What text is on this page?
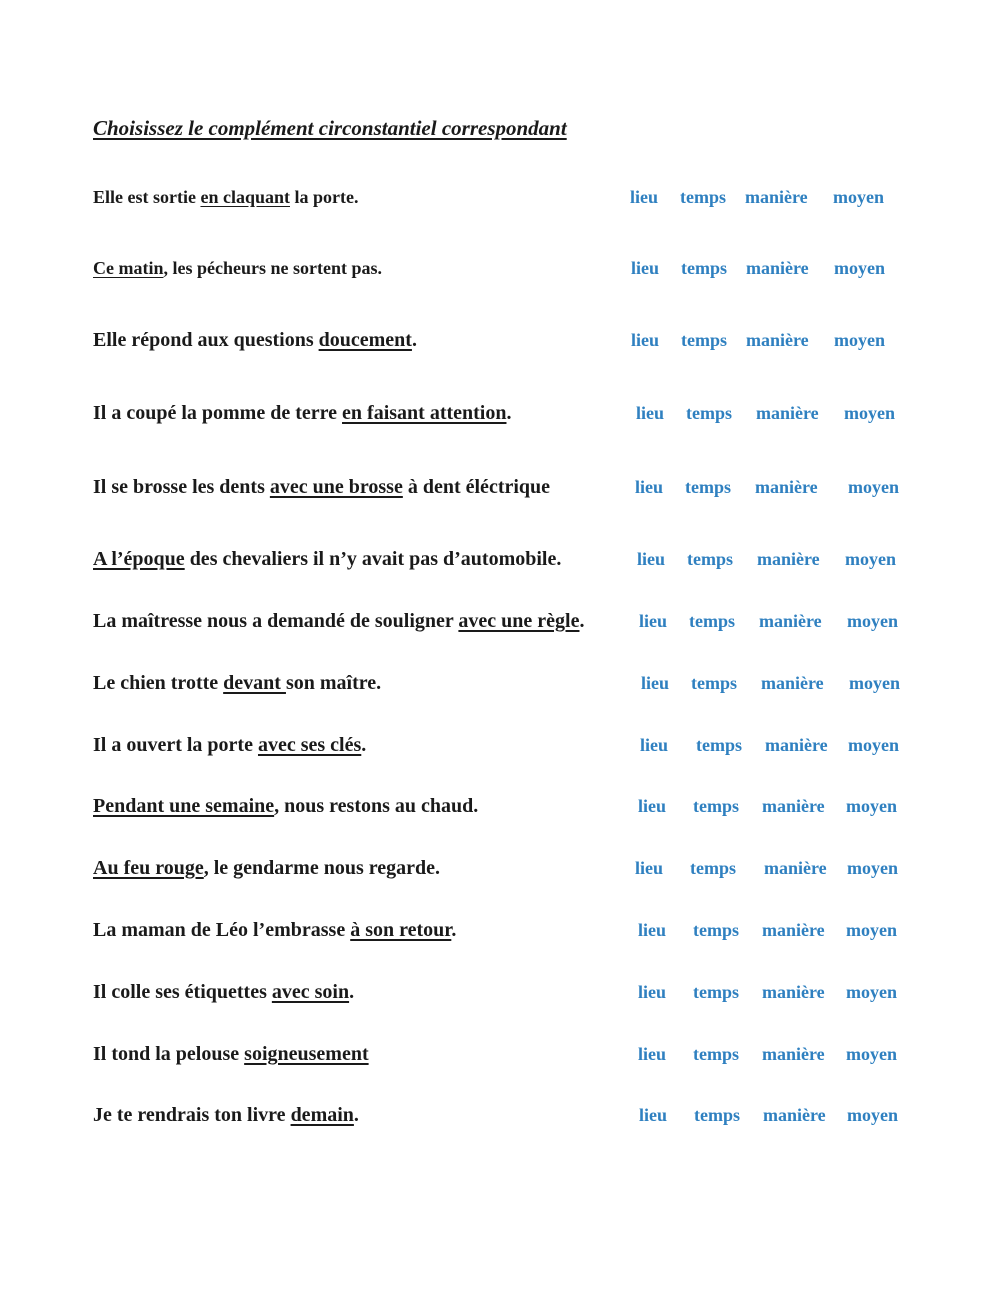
Choisissez le complément circonstantiel correspondant
Elle est sortie en claquant la porte.	lieu temps manière moyen
Ce matin, les pécheurs ne sortent pas.	lieu temps manière moyen
Elle répond aux questions doucement.	lieu temps manière moyen
Il a coupé la pomme de terre en faisant attention.	lieu temps manière moyen
Il se brosse les dents avec une brosse à dent éléctrique	lieu temps manière moyen
A l’époque des chevaliers il n’y avait pas d’automobile.	lieu temps manière moyen
La maîtresse nous a demandé de souligner avec une règle.	lieu temps manière moyen
Le chien trotte devant son maître.	lieu temps manière moyen
Il a ouvert la porte avec ses clés.	lieu temps manière moyen
Pendant une semaine, nous restons au chaud.	lieu temps manière moyen
Au feu rouge, le gendarme nous regarde.	lieu temps manière moyen
La maman de Léo l’embrasse à son retour.	lieu temps manière moyen
Il colle ses étiquettes avec soin.	lieu temps manière moyen
Il tond la pelouse soigneusement	lieu temps manière moyen
Je te rendrais ton livre demain.	lieu temps manière moyen
